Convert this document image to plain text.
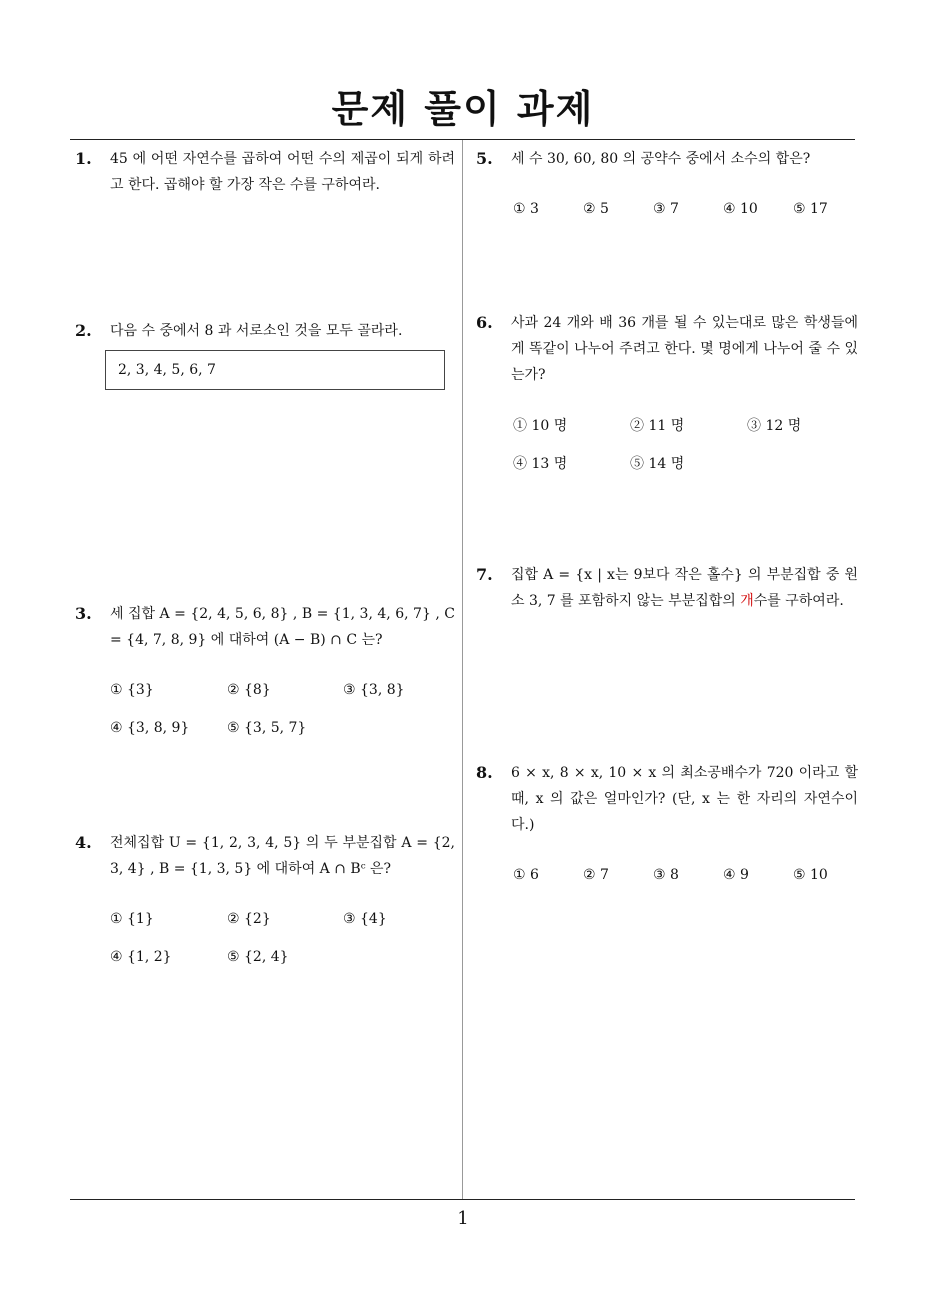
문제 풀이 과제
1. 45 에 어떤 자연수를 곱하여 어떤 수의 제곱이 되게 하려고 한다. 곱해야 할 가장 작은 수를 구하여라.
2. 다음 수 중에서 8 과 서로소인 것을 모두 골라라.
2, 3, 4, 5, 6, 7
3. 세 집합 A = {2, 4, 5, 6, 8} , B = {1, 3, 4, 6, 7} , C = {4, 7, 8, 9} 에 대하여 (A − B) ∩ C 는?
① {3}	② {8}	③ {3, 8}
④ {3, 8, 9}	⑤ {3, 5, 7}
4. 전체집합 U = {1, 2, 3, 4, 5} 의 두 부분집합 A = {2, 3, 4} , B = {1, 3, 5} 에 대하여 A ∩ Bᶜ 은?
① {1}	② {2}	③ {4}
④ {1, 2}	⑤ {2, 4}
5. 세 수 30, 60, 80 의 공약수 중에서 소수의 합은?
① 3	② 5	③ 7	④ 10	⑤ 17
6. 사과 24 개와 배 36 개를 될 수 있는대로 많은 학생들에게 똑같이 나누어 주려고 한다. 몇 명에게 나누어 줄 수 있는가?
① 10 명	② 11 명	③ 12 명
④ 13 명	⑤ 14 명
7. 집합 A = {x | x는 9보다 작은 홀수} 의 부분집합 중 원소 3, 7 를 포함하지 않는 부분집합의 개수를 구하여라.
8. 6 × x, 8 × x, 10 × x 의 최소공배수가 720 이라고 할 때, x 의 값은 얼마인가? (단, x 는 한 자리의 자연수이다.)
① 6	② 7	③ 8	④ 9	⑤ 10
1
